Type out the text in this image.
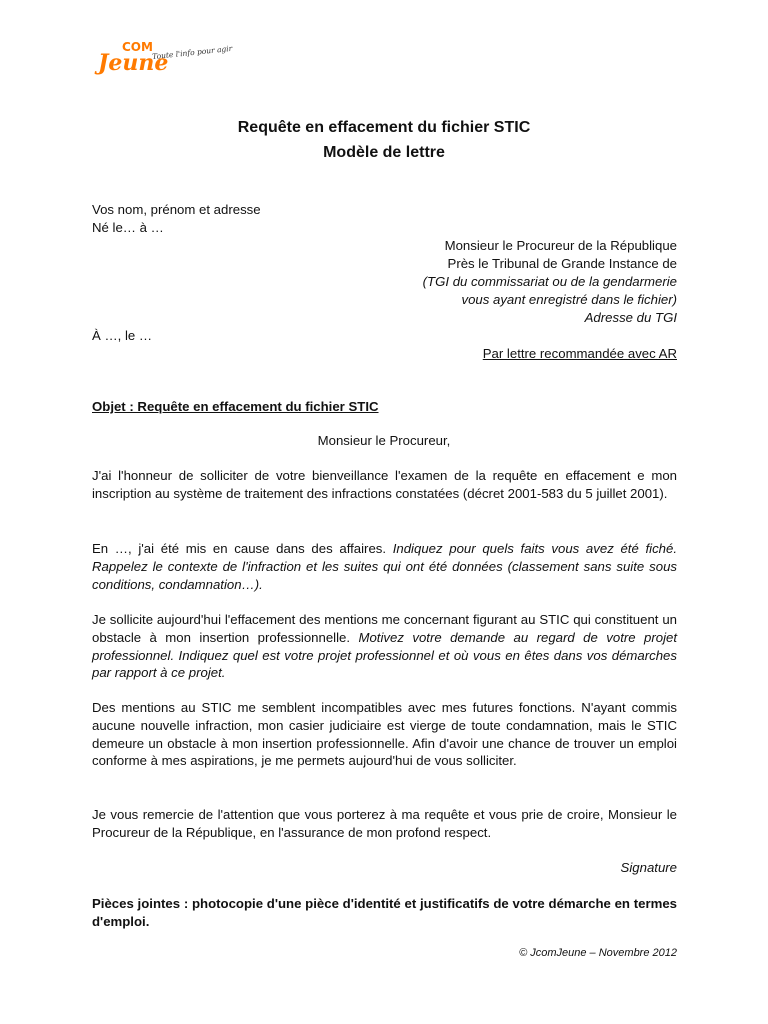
COM
Jeune
Toute l'info pour agir
Requête en effacement du fichier STIC
Modèle de lettre
Vos nom, prénom et adresse
Né le… à …
Monsieur le Procureur de la République
Près le Tribunal de Grande Instance de
(TGI du commissariat ou de la gendarmerie
vous ayant enregistré dans le fichier)
Adresse du TGI
À …, le …
Par lettre recommandée avec AR
Objet : Requête en effacement du fichier STIC
Monsieur le Procureur,
J'ai l'honneur de solliciter de votre bienveillance l'examen de la requête en effacement e mon inscription au système de traitement des infractions constatées (décret 2001-583 du 5 juillet 2001).
En …, j'ai été mis en cause dans des affaires. Indiquez pour quels faits vous avez été fiché. Rappelez le contexte de l'infraction et les suites qui ont été données (classement sans suite sous conditions, condamnation…).
Je sollicite aujourd'hui l'effacement des mentions me concernant figurant au STIC qui constituent un obstacle à mon insertion professionnelle. Motivez votre demande au regard de votre projet professionnel. Indiquez quel est votre projet professionnel et où vous en êtes dans vos démarches par rapport à ce projet.
Des mentions au STIC me semblent incompatibles avec mes futures fonctions. N'ayant commis aucune nouvelle infraction, mon casier judiciaire est vierge de toute condamnation, mais le STIC demeure un obstacle à mon insertion professionnelle. Afin d'avoir une chance de trouver un emploi conforme à mes aspirations, je me permets aujourd'hui de vous solliciter.
Je vous remercie de l'attention que vous porterez à ma requête et vous prie de croire, Monsieur le Procureur de la République, en l'assurance de mon profond respect.
Signature
Pièces jointes : photocopie d'une pièce d'identité et justificatifs de votre démarche en termes d'emploi.
© JcomJeune – Novembre 2012
